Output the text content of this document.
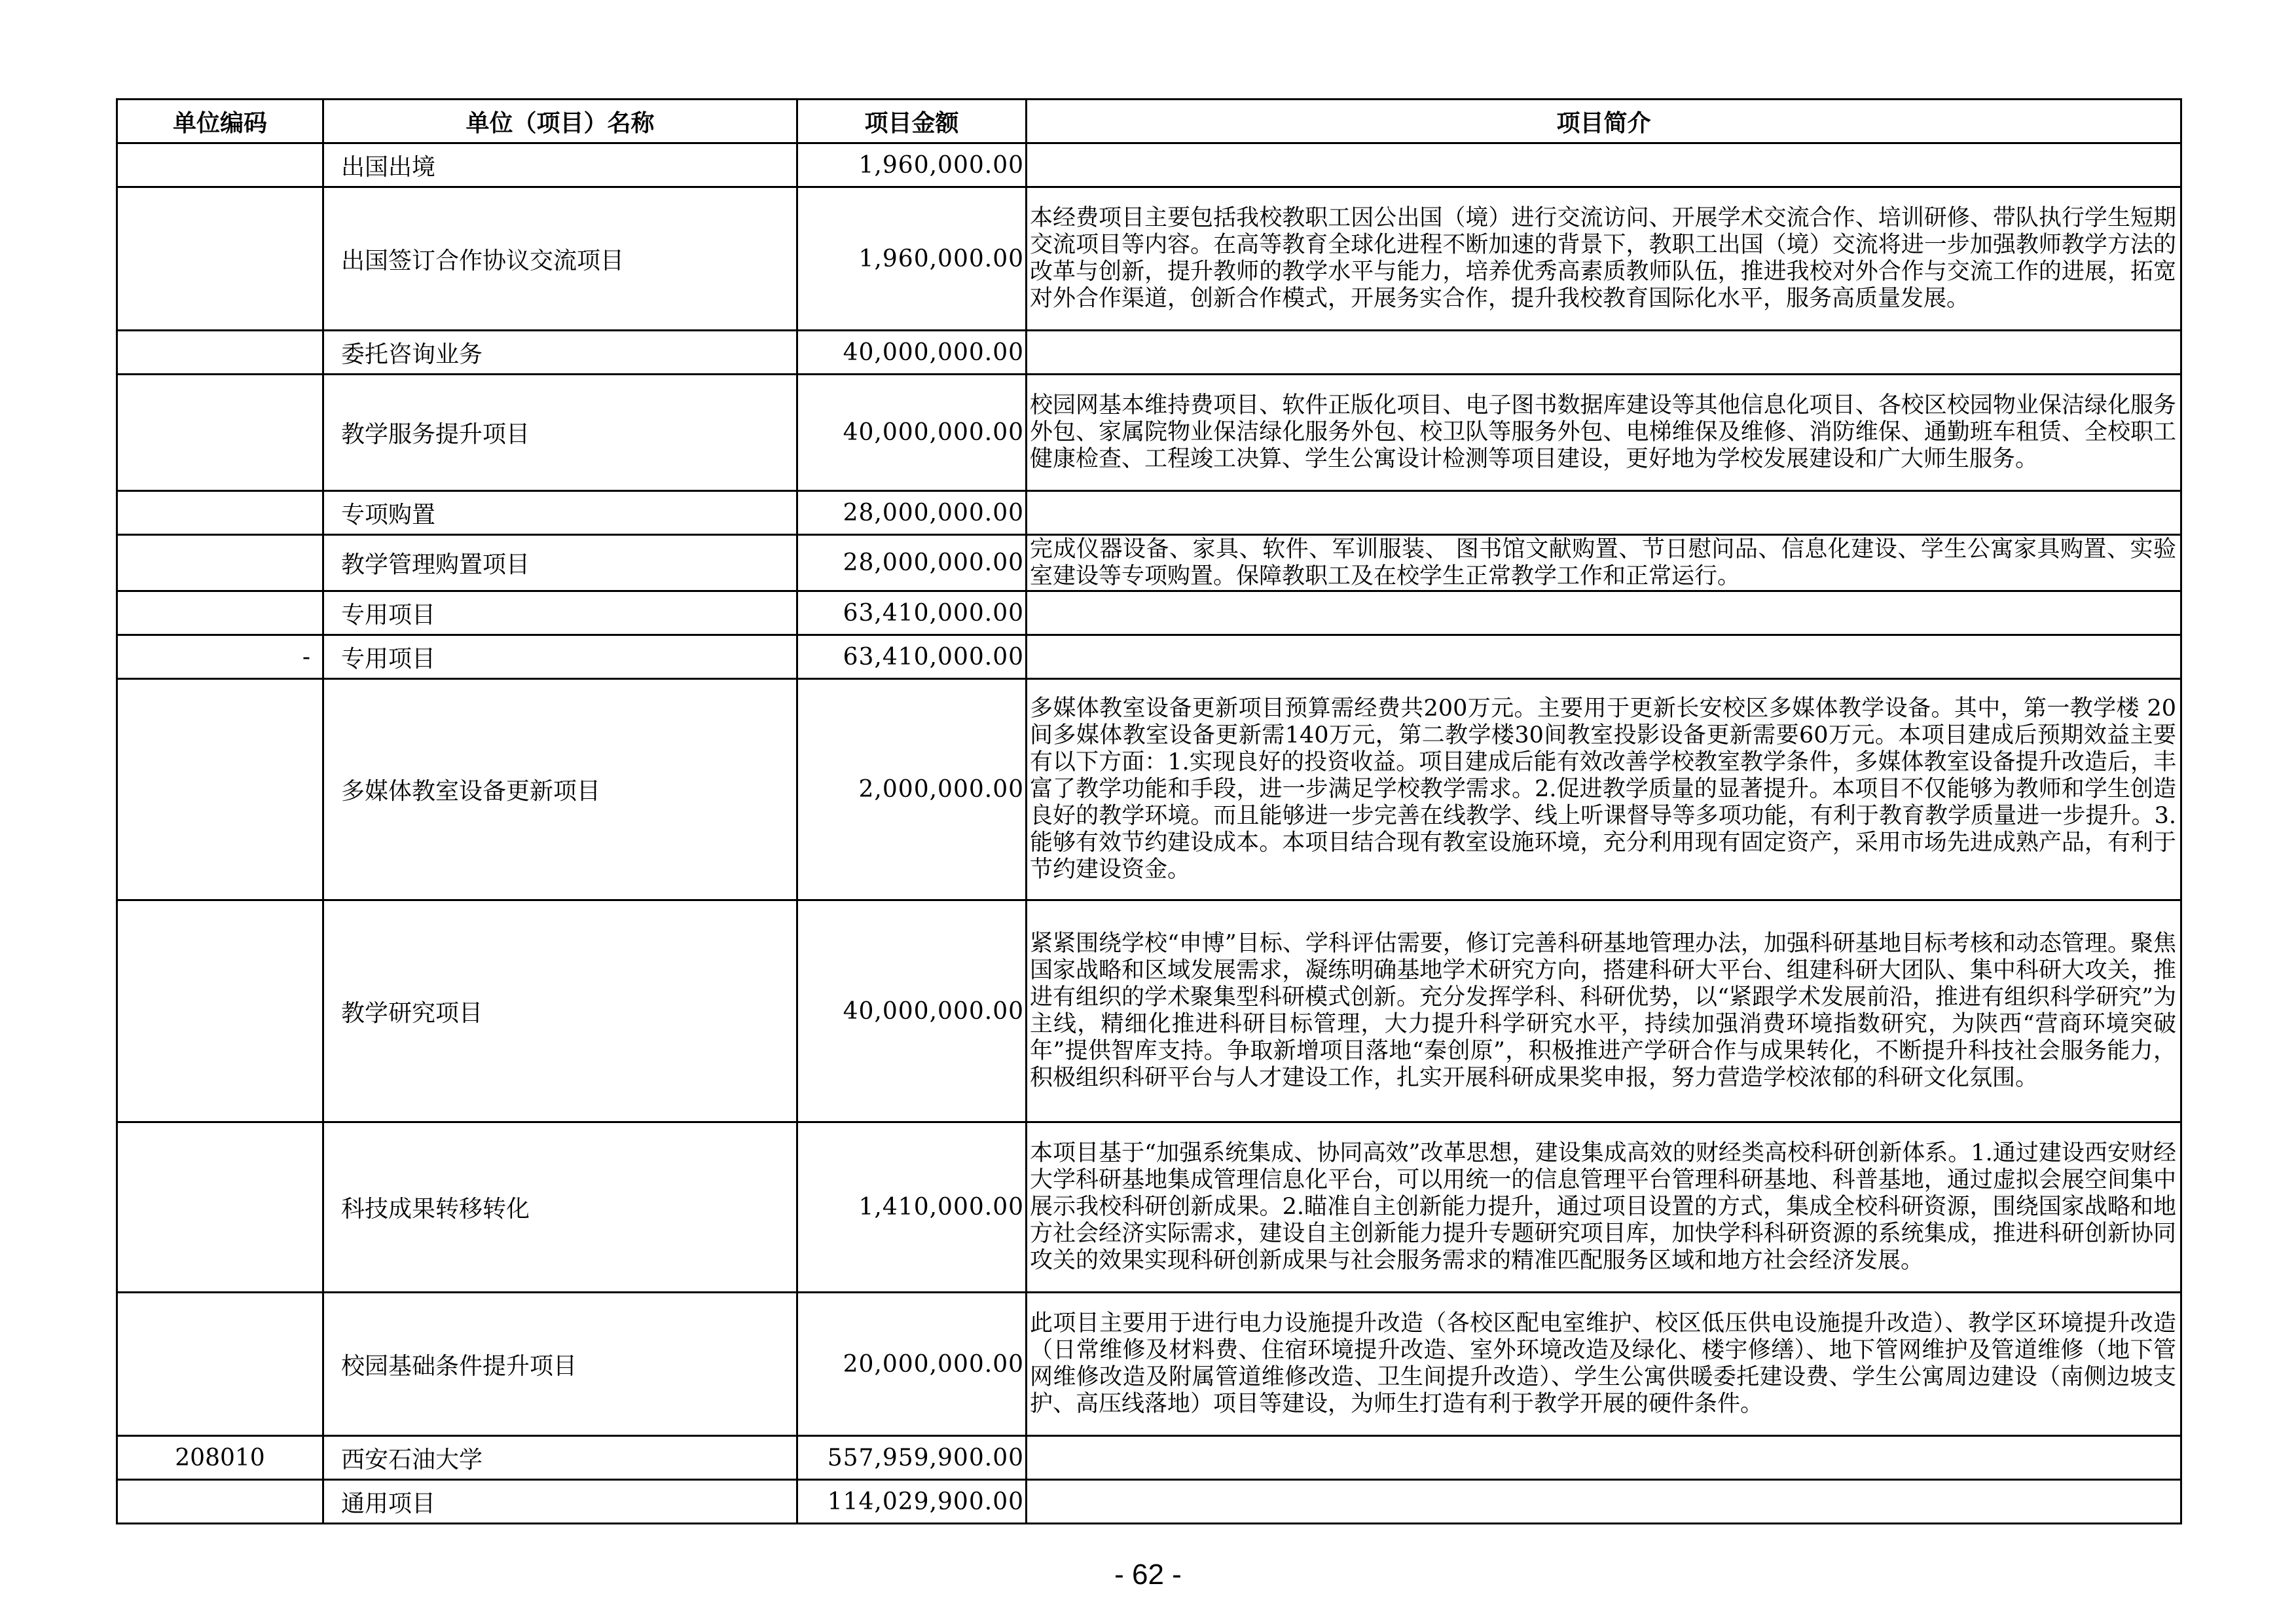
单位编码	单位（项目）名称	项目金额	项目简介
	出国出境	1,960,000.00	
	出国签订合作协议交流项目	1,960,000.00	本经费项目主要包括我校教职工因公出国（境）进行交流访问、开展学术交流合作、培训研修、带队执行学生短期交流项目等内容。在高等教育全球化进程不断加速的背景下，教职工出国（境）交流将进一步加强教师教学方法的改革与创新，提升教师的教学水平与能力，培养优秀高素质教师队伍，推进我校对外合作与交流工作的进展，拓宽对外合作渠道，创新合作模式，开展务实合作，提升我校教育国际化水平，服务高质量发展。
	委托咨询业务	40,000,000.00	
	教学服务提升项目	40,000,000.00	校园网基本维持费项目、软件正版化项目、电子图书数据库建设等其他信息化项目、各校区校园物业保洁绿化服务外包、家属院物业保洁绿化服务外包、校卫队等服务外包、电梯维保及维修、消防维保、通勤班车租赁、全校职工健康检查、工程竣工决算、学生公寓设计检测等项目建设，更好地为学校发展建设和广大师生服务。
	专项购置	28,000,000.00	
	教学管理购置项目	28,000,000.00	完成仪器设备、家具、软件、军训服装、 图书馆文献购置、节日慰问品、信息化建设、学生公寓家具购置、实验室建设等专项购置。保障教职工及在校学生正常教学工作和正常运行。
	专用项目	63,410,000.00	
-	专用项目	63,410,000.00	
	多媒体教室设备更新项目	2,000,000.00	多媒体教室设备更新项目预算需经费共200万元。主要用于更新长安校区多媒体教学设备。其中，第一教学楼 20间多媒体教室设备更新需140万元，第二教学楼30间教室投影设备更新需要60万元。本项目建成后预期效益主要有以下方面：1.实现良好的投资收益。项目建成后能有效改善学校教室教学条件，多媒体教室设备提升改造后，丰富了教学功能和手段，进一步满足学校教学需求。2.促进教学质量的显著提升。本项目不仅能够为教师和学生创造良好的教学环境。而且能够进一步完善在线教学、线上听课督导等多项功能，有利于教育教学质量进一步提升。3.能够有效节约建设成本。本项目结合现有教室设施环境，充分利用现有固定资产，采用市场先进成熟产品，有利于节约建设资金。
	教学研究项目	40,000,000.00	紧紧围绕学校“申博”目标、学科评估需要，修订完善科研基地管理办法，加强科研基地目标考核和动态管理。聚焦国家战略和区域发展需求，凝练明确基地学术研究方向，搭建科研大平台、组建科研大团队、集中科研大攻关，推进有组织的学术聚集型科研模式创新。充分发挥学科、科研优势，以“紧跟学术发展前沿，推进有组织科学研究”为主线，精细化推进科研目标管理，大力提升科学研究水平，持续加强消费环境指数研究，为陕西“营商环境突破年”提供智库支持。争取新增项目落地“秦创原”，积极推进产学研合作与成果转化，不断提升科技社会服务能力，积极组织科研平台与人才建设工作，扎实开展科研成果奖申报，努力营造学校浓郁的科研文化氛围。
	科技成果转移转化	1,410,000.00	本项目基于“加强系统集成、协同高效”改革思想，建设集成高效的财经类高校科研创新体系。1.通过建设西安财经大学科研基地集成管理信息化平台，可以用统一的信息管理平台管理科研基地、科普基地，通过虚拟会展空间集中展示我校科研创新成果。2.瞄准自主创新能力提升，通过项目设置的方式，集成全校科研资源，围绕国家战略和地方社会经济实际需求，建设自主创新能力提升专题研究项目库，加快学科科研资源的系统集成，推进科研创新协同攻关的效果实现科研创新成果与社会服务需求的精准匹配服务区域和地方社会经济发展。
	校园基础条件提升项目	20,000,000.00	此项目主要用于进行电力设施提升改造（各校区配电室维护、校区低压供电设施提升改造）、教学区环境提升改造（日常维修及材料费、住宿环境提升改造、室外环境改造及绿化、楼宇修缮）、地下管网维护及管道维修（地下管网维修改造及附属管道维修改造、卫生间提升改造）、学生公寓供暖委托建设费、学生公寓周边建设（南侧边坡支护、高压线落地）项目等建设，为师生打造有利于教学开展的硬件条件。
208010	西安石油大学	557,959,900.00	
	通用项目	114,029,900.00	
- 62 -
